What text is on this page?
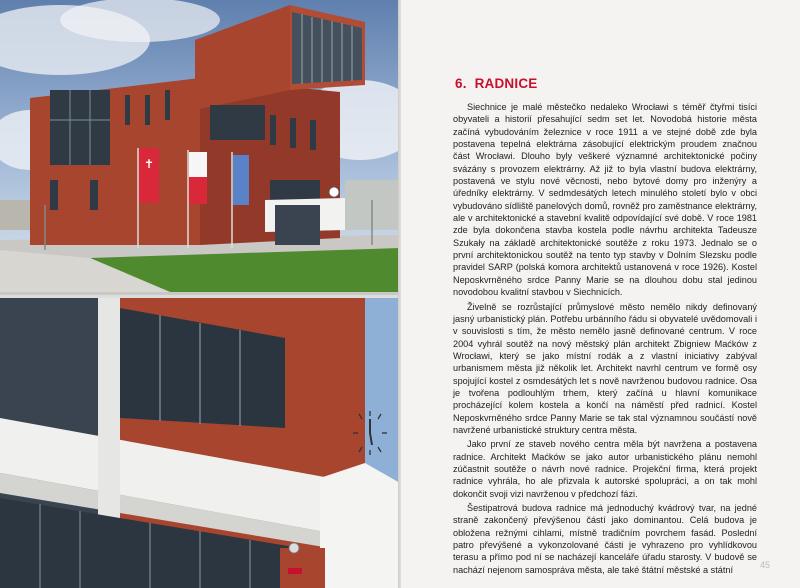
✝
6. RADNICE

Siechnice je malé městečko nedaleko Wrocławi s téměř čtyřmi tisíci obyvateli a historií přesahující sedm set let. Novodobá historie města začíná vybudováním železnice v roce 1911 a ve stejné době zde byla postavena tepelná elektrárna zásobující elektrickým proudem značnou část Wrocławi. Dlouho byly veškeré významné architektonické počiny svázány s provozem elektrárny. Až již to byla vlastní budova elektrárny, postavená ve stylu nové věcnosti, nebo bytové domy pro inženýry a úředníky elektrárny. V sedmdesátých letech minulého století bylo v obci vybudováno sídliště panelových domů, rovněž pro zaměstnance elektrárny, ale v architektonické a stavební kvalitě odpovídající své době. V roce 1981 zde byla dokončena stavba kostela podle návrhu architekta Tadeusze Szukały na základě architektonické soutěže z roku 1973. Jednalo se o první architektonickou soutěž na tento typ stavby v Dolním Slezsku podle pravidel SARP (polská komora architektů ustanovená v roce 1926). Kostel Neposkvrněného srdce Panny Marie se na dlouhou dobu stal jedinou novodobou kvalitní stavbou v Siechnicích.

Živelně se rozrůstající průmyslové město nemělo nikdy definovaný jasný urbanistický plán. Potřebu urbánního řádu si obyvatelé uvědomovali i v souvislosti s tím, že město nemělo jasně definované centrum. V roce 2004 vyhrál soutěž na nový městský plán architekt Zbigniew Maćków z Wrocławi, který se jako místní rodák a z vlastní iniciativy zabýval urbanismem města již několik let. Architekt navrhl centrum ve formě osy spojující kostel z osmdesátých let s nově navrženou budovou radnice. Osa je tvořena podlouhlým trhem, který začíná u hlavní komunikace procházející kolem kostela a končí na náměstí před radnicí. Kostel Neposkvrněného srdce Panny Marie se tak stal významnou součástí nově navržené urbanistické struktury centra města.

Jako první ze staveb nového centra měla být navržena a postavena radnice. Architekt Maćków se jako autor urbanistického plánu nemohl zúčastnit soutěže o návrh nové radnice. Projekční firma, která projekt radnice vyhrála, ho ale přizvala k autorské spolupráci, a on tak mohl dokončit svoji vizi navrženou v předchozí fázi.

Šestipatrová budova radnice má jednoduchý kvádrový tvar, na jedné straně zakončený převýšenou částí jako dominantou. Celá budova je obložena režnými cihlami, místně tradičním povrchem fasád. Poslední patro převýšené a vykonzolované části je vyhrazeno pro vyhlídkovou terasu a přímo pod ní se nacházejí kanceláře úřadu starosty. V budově se nachází nejenom samospráva města, ale také štátní městské a státní	45
